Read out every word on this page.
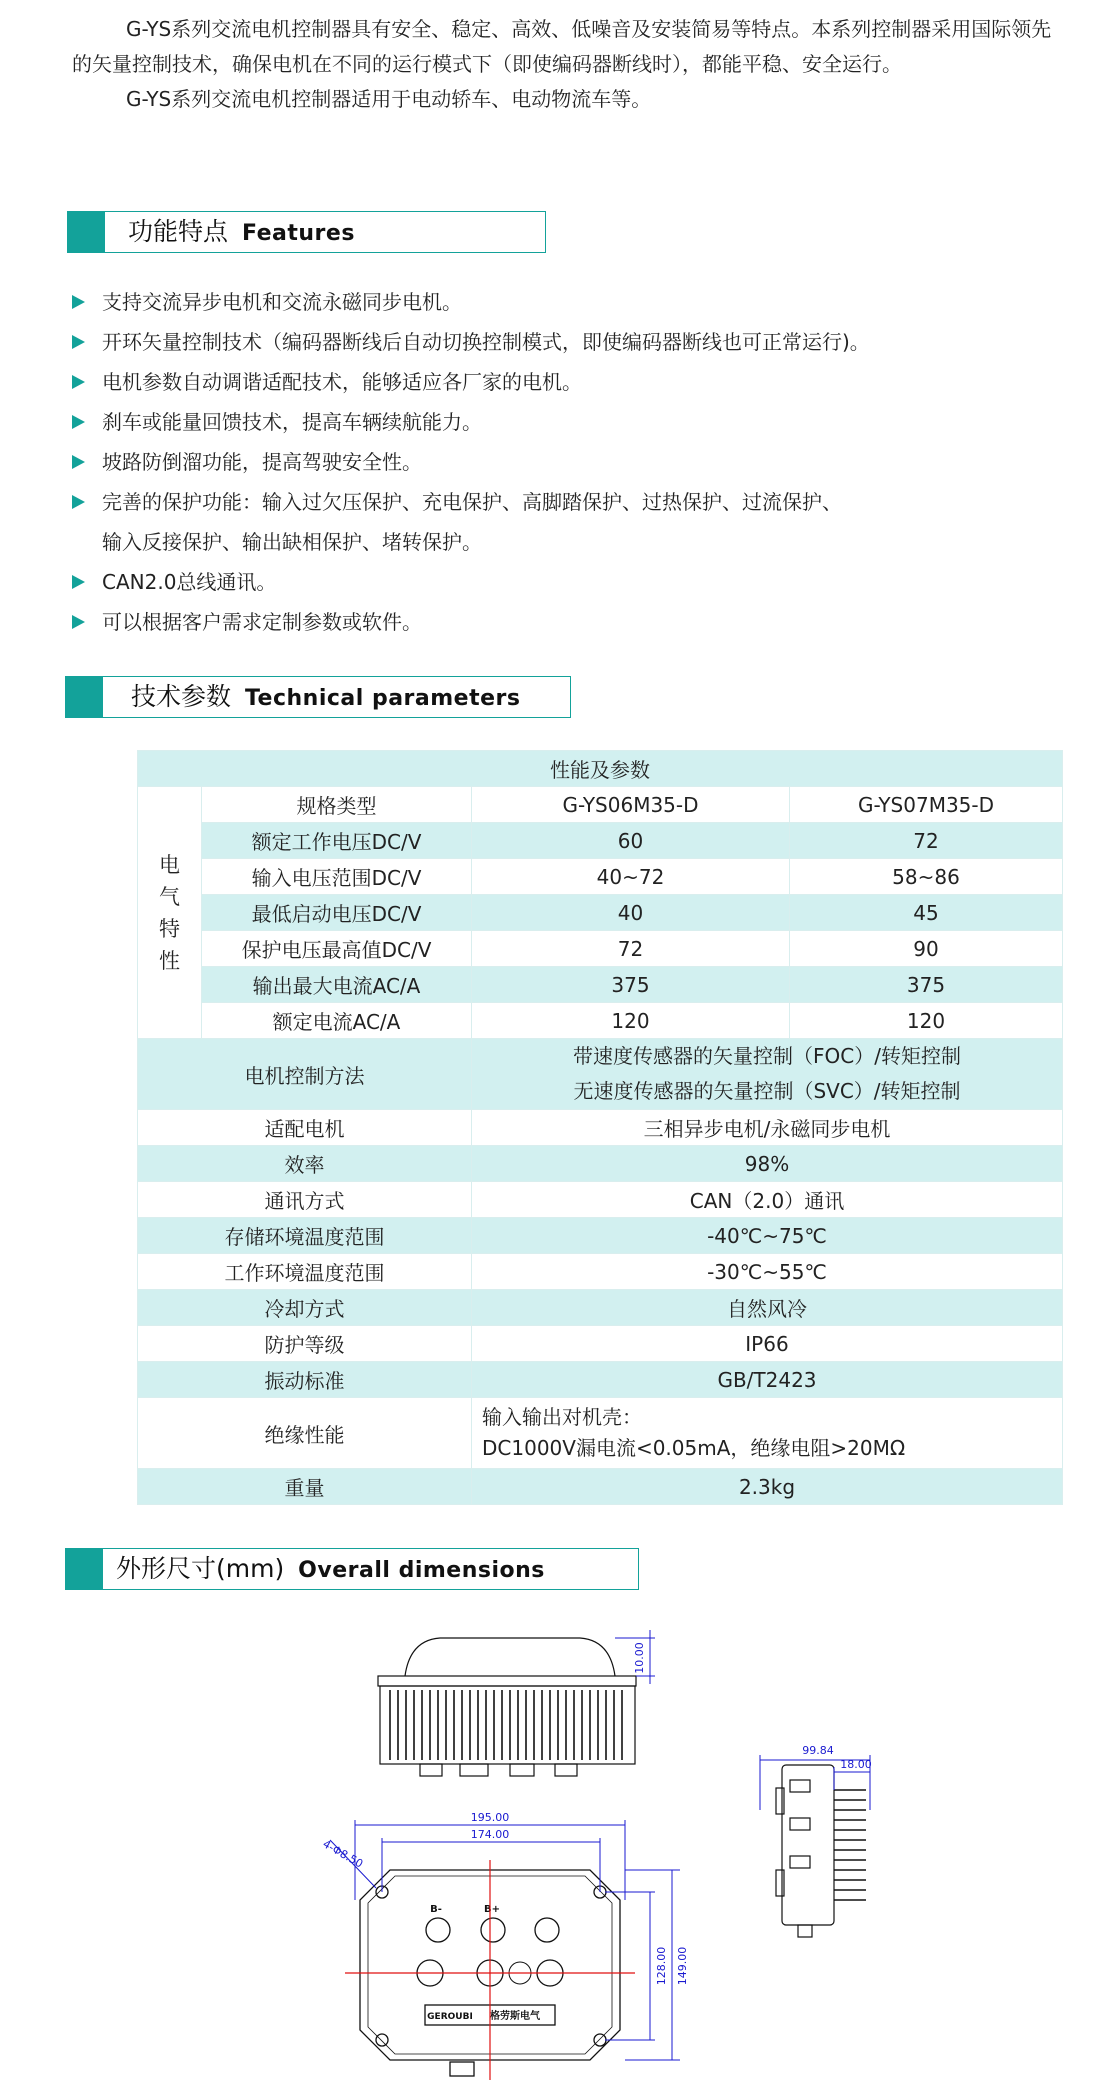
G-YS系列交流电机控制器具有安全、稳定、高效、低噪音及安装简易等特点。本系列控制器采用国际领先的矢量控制技术，确保电机在不同的运行模式下（即使编码器断线时），都能平稳、安全运行。

G-YS系列交流电机控制器适用于电动轿车、电动物流车等。

功能特点 Features
支持交流异步电机和交流永磁同步电机。
开环矢量控制技术（编码器断线后自动切换控制模式，即使编码器断线也可正常运行)。
电机参数自动调谐适配技术，能够适应各厂家的电机。
刹车或能量回馈技术，提高车辆续航能力。
坡路防倒溜功能，提高驾驶安全性。
完善的保护功能：输入过欠压保护、充电保护、高脚踏保护、过热保护、过流保护、
输入反接保护、输出缺相保护、堵转保护。
CAN2.0总线通讯。
可以根据客户需求定制参数或软件。
技术参数 Technical parameters
性能及参数			
电
气
特
性	规格类型	G-YS06M35-D	G-YS07M35-D
	额定工作电压DC/V	60	72
	输入电压范围DC/V	40~72	58~86
	最低启动电压DC/V	40	45
	保护电压最高值DC/V	72	90
	输出最大电流AC/A	375	375
	额定电流AC/A	120	120
电机控制方法		带速度传感器的矢量控制（FOC）/转矩控制
无速度传感器的矢量控制（SVC）/转矩控制	
适配电机		三相异步电机/永磁同步电机	
效率		98%	
通讯方式		CAN（2.0）通讯	
存储环境温度范围		-40℃~75℃	
工作环境温度范围		-30℃~55℃	
冷却方式		自然风冷	
防护等级		IP66	
振动标准		GB/T2423	
绝缘性能		输入输出对机壳：
DC1000V漏电流<0.05mA，绝缘电阻>20MΩ	
重量		2.3kg	
外形尺寸(mm) Overall dimensions
10.00
99.84
18.00
GEROUBI 格劳斯电气
B-	B+
195.00
174.00
128.00 149.00
4-Φ8.50
